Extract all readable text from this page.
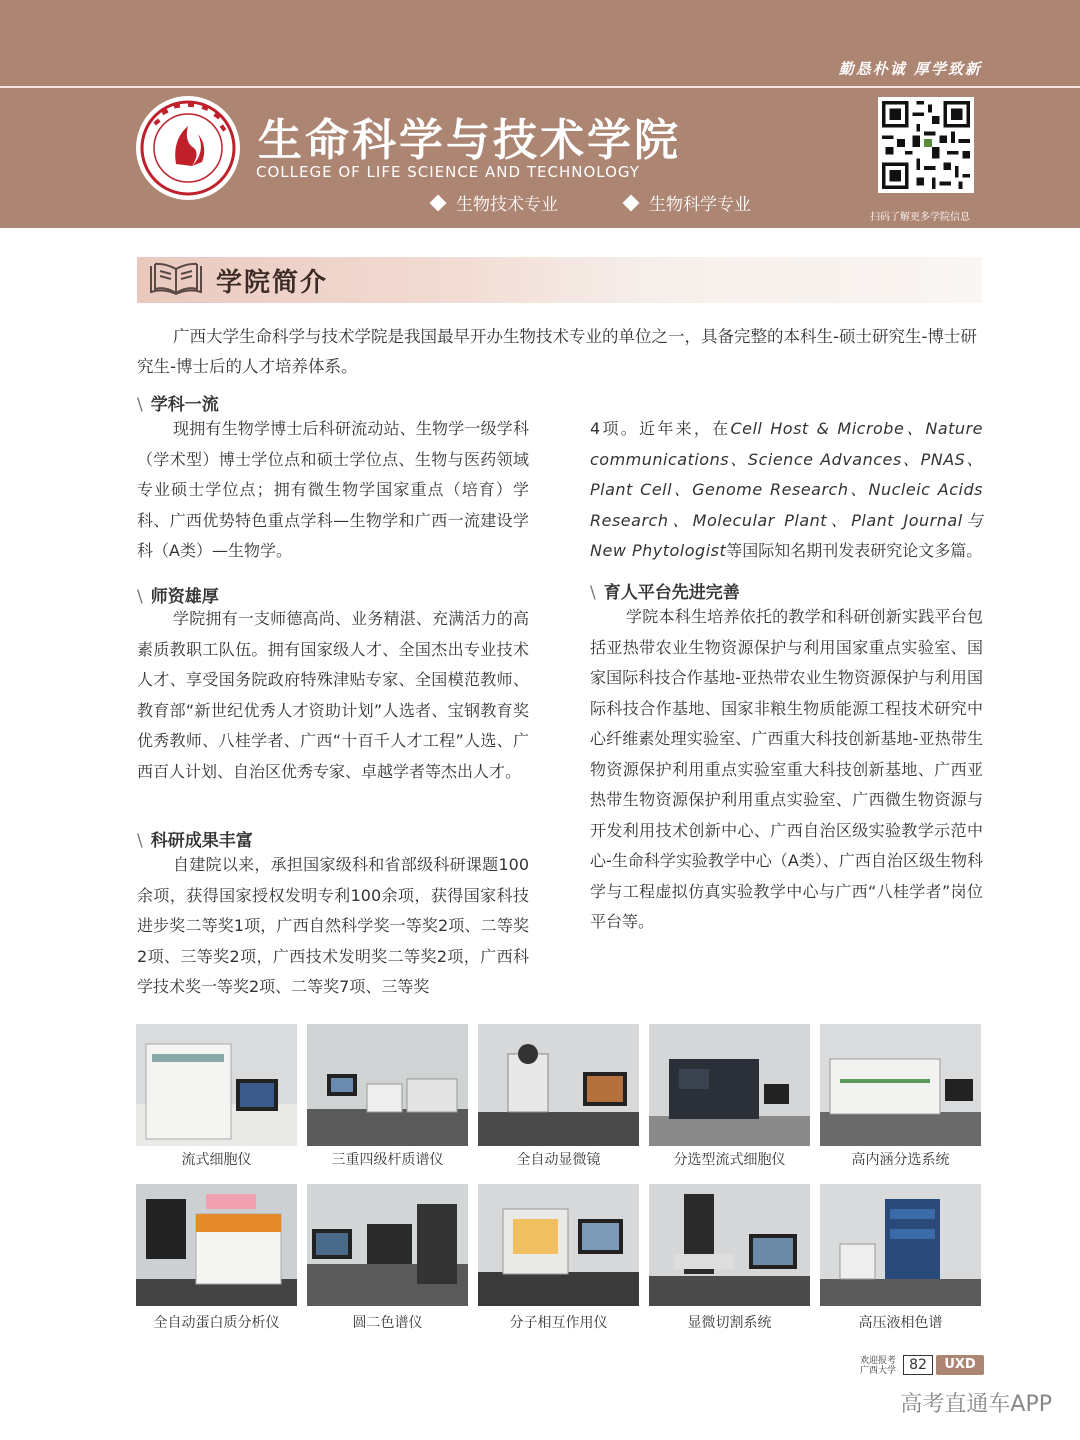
勤恳朴诚 厚学致新
生命科学与技术学院
COLLEGE OF LIFE SCIENCE AND TECHNOLOGY
生物技术专业	生物科学专业
扫码了解更多学院信息
学院简介
广西大学生命科学与技术学院是我国最早开办生物技术专业的单位之一，具备完整的本科生-硕士研究生-博士研究生-博士后的人才培养体系。
\ 学科一流
现拥有生物学博士后科研流动站、生物学一级学科（学术型）博士学位点和硕士学位点、生物与医药领域专业硕士学位点；拥有微生物学国家重点（培育）学科、广西优势特色重点学科—生物学和广西一流建设学科（A类）—生物学。
\ 师资雄厚
学院拥有一支师德高尚、业务精湛、充满活力的高素质教职工队伍。拥有国家级人才、全国杰出专业技术人才、享受国务院政府特殊津贴专家、全国模范教师、教育部“新世纪优秀人才资助计划”人选者、宝钢教育奖优秀教师、八桂学者、广西“十百千人才工程”人选、广西百人计划、自治区优秀专家、卓越学者等杰出人才。
\ 科研成果丰富
自建院以来，承担国家级科和省部级科研课题100余项，获得国家授权发明专利100余项，获得国家科技进步奖二等奖1项，广西自然科学奖一等奖2项、二等奖2项、三等奖2项，广西技术发明奖二等奖2项，广西科学技术奖一等奖2项、二等奖7项、三等奖
4项。近年来，在Cell Host & Microbe、Nature communications、Science Advances、PNAS、Plant Cell、Genome Research、Nucleic Acids Research、Molecular Plant、Plant Journal与New Phytologist等国际知名期刊发表研究论文多篇。
\ 育人平台先进完善
学院本科生培养依托的教学和科研创新实践平台包括亚热带农业生物资源保护与利用国家重点实验室、国家国际科技合作基地-亚热带农业生物资源保护与利用国际科技合作基地、国家非粮生物质能源工程技术研究中心纤维素处理实验室、广西重大科技创新基地-亚热带生物资源保护利用重点实验室重大科技创新基地、广西亚热带生物资源保护利用重点实验室、广西微生物资源与开发利用技术创新中心、广西自治区级实验教学示范中心-生命科学实验教学中心（A类）、广西自治区级生物科学与工程虚拟仿真实验教学中心与广西“八桂学者”岗位平台等。
流式细胞仪	三重四级杆质谱仪	全自动显微镜	分选型流式细胞仪	高内涵分选系统
全自动蛋白质分析仪	圆二色谱仪	分子相互作用仪	显微切割系统	高压液相色谱
欢迎报考
广西大学 82	UXD
高考直通车APP
